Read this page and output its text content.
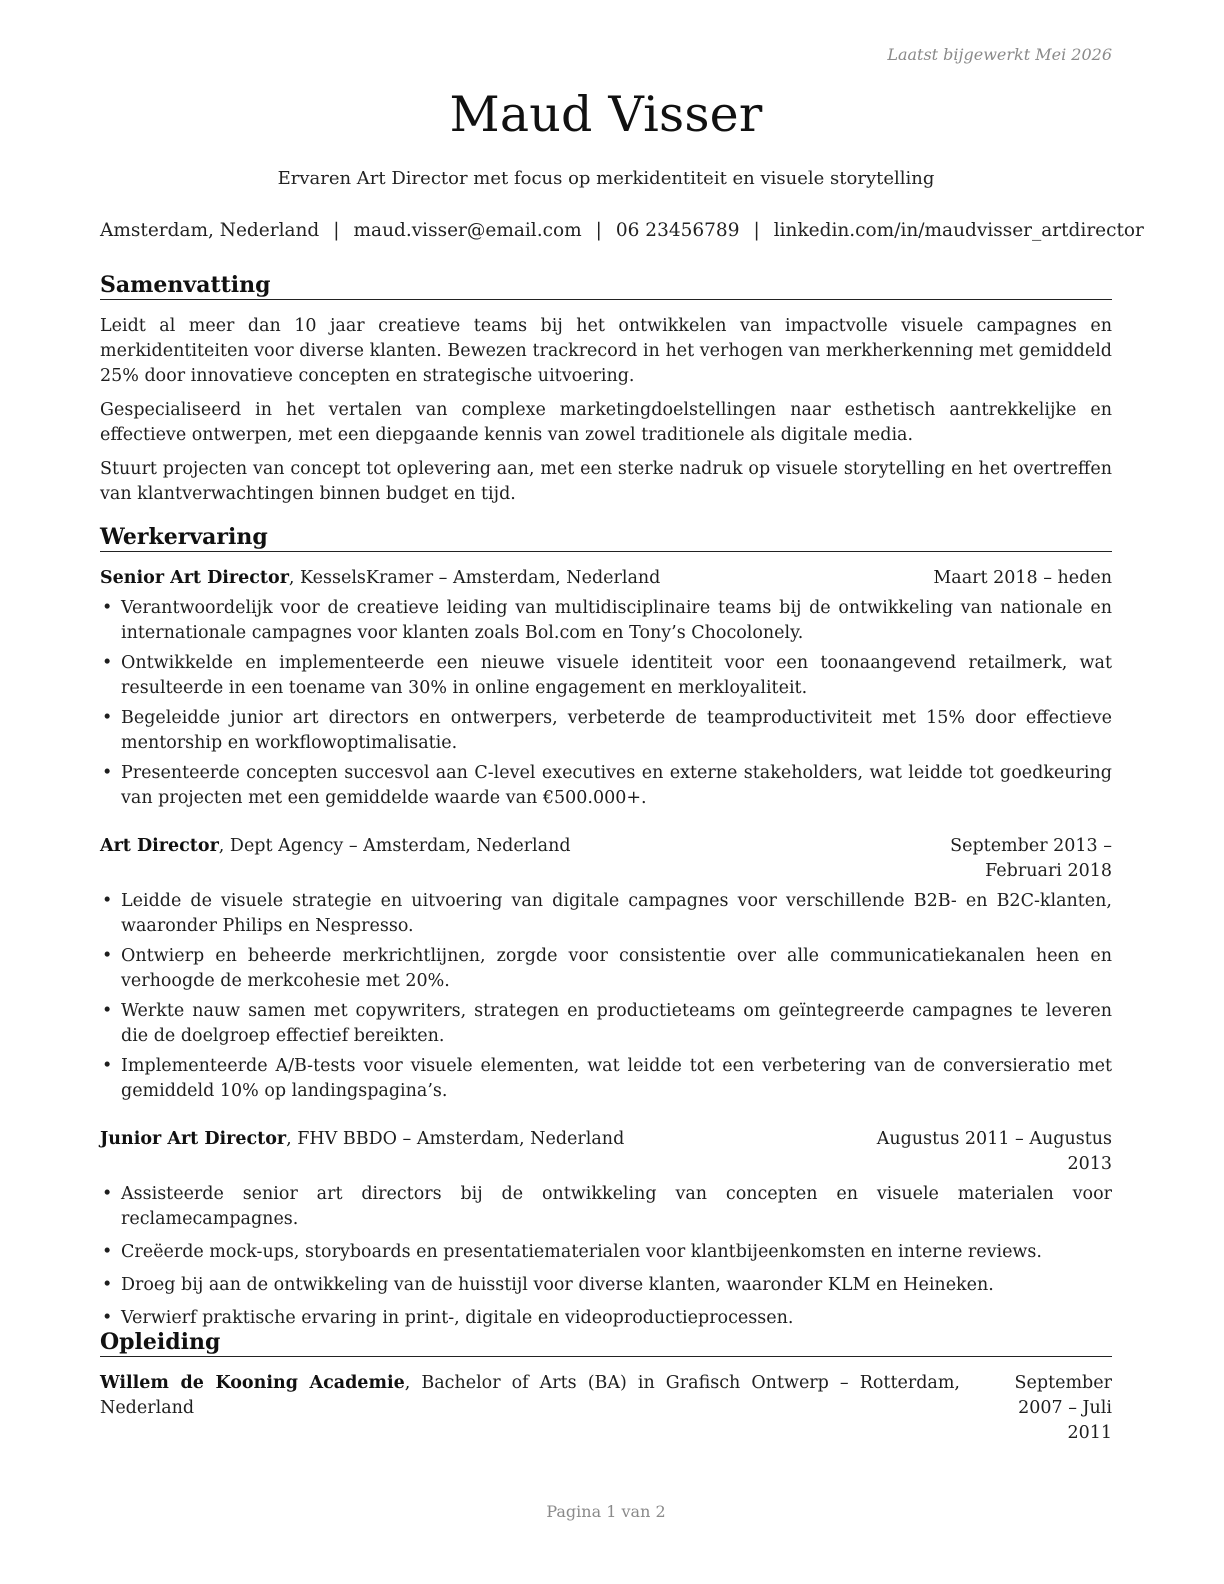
Laatst bijgewerkt Mei 2026
Maud Visser
Ervaren Art Director met focus op merkidentiteit en visuele storytelling
Amsterdam, Nederland | maud.visser@email.com | 06 23456789 | linkedin.com/in/maudvisser_artdirector
Samenvatting

Leidt al meer dan 10 jaar creatieve teams bij het ontwikkelen van impactvolle visuele campagnes en merkidentiteiten voor diverse klanten. Bewezen trackrecord in het verhogen van merkherkenning met gemiddeld 25% door innovatieve concepten en strategische uitvoering.

Gespecialiseerd in het vertalen van complexe marketingdoelstellingen naar esthetisch aantrekkelijke en effectieve ontwerpen, met een diepgaande kennis van zowel traditionele als digitale media.

Stuurt projecten van concept tot oplevering aan, met een sterke nadruk op visuele storytelling en het overtreffen van klantverwachtingen binnen budget en tijd.

Werkervaring
Senior Art Director, KesselsKramer – Amsterdam, Nederland	Maart 2018 – heden
• Verantwoordelijk voor de creatieve leiding van multidisciplinaire teams bij de ontwikkeling van nationale en internationale campagnes voor klanten zoals Bol.com en Tony’s Chocolonely.
• Ontwikkelde en implementeerde een nieuwe visuele identiteit voor een toonaangevend retailmerk, wat resulteerde in een toename van 30% in online engagement en merkloyaliteit.
• Begeleidde junior art directors en ontwerpers, verbeterde de teamproductiviteit met 15% door effectieve mentorship en workflowoptimalisatie.
• Presenteerde concepten succesvol aan C-level executives en externe stakeholders, wat leidde tot goedkeuring van projecten met een gemiddelde waarde van €500.000+.
Art Director, Dept Agency – Amsterdam, Nederland	September 2013 – Februari 2018
• Leidde de visuele strategie en uitvoering van digitale campagnes voor verschillende B2B- en B2C-klanten, waaronder Philips en Nespresso.
• Ontwierp en beheerde merkrichtlijnen, zorgde voor consistentie over alle communicatiekanalen heen en verhoogde de merkcohesie met 20%.
• Werkte nauw samen met copywriters, strategen en productieteams om geïntegreerde campagnes te leveren die de doelgroep effectief bereikten.
• Implementeerde A/B-tests voor visuele elementen, wat leidde tot een verbetering van de conversieratio met gemiddeld 10% op landingspagina’s.
Junior Art Director, FHV BBDO – Amsterdam, Nederland	Augustus 2011 – Augustus 2013
• Assisteerde senior art directors bij de ontwikkeling van concepten en visuele materialen voor reclamecampagnes.
• Creëerde mock-ups, storyboards en presentatiematerialen voor klantbijeenkomsten en interne reviews.
• Droeg bij aan de ontwikkeling van de huisstijl voor diverse klanten, waaronder KLM en Heineken.
• Verwierf praktische ervaring in print-, digitale en videoproductieprocessen.
Opleiding
Willem de Kooning Academie, Bachelor of Arts (BA) in Grafisch Ontwerp – Rotterdam, Nederland
September 2007 – Juli 2011
Pagina 1 van 2
